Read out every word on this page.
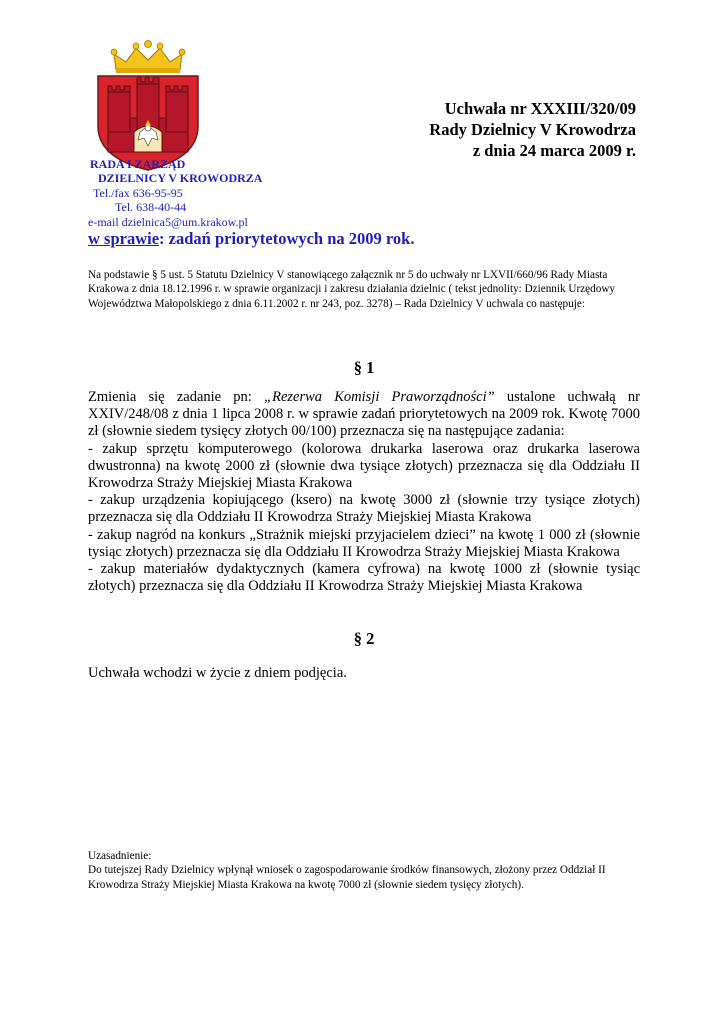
Uchwała nr XXXIII/320/09
Rady Dzielnicy V Krowodrza
z dnia 24 marca 2009 r.
RADA I ZARZĄD
DZIELNICY V KROWODRZA
Tel./fax 636-95-95
Tel. 638-40-44
e-mail dzielnica5@um.krakow.pl
w sprawie: zadań priorytetowych na 2009 rok.
Na podstawie § 5 ust. 5 Statutu Dzielnicy V stanowiącego załącznik nr 5 do uchwały nr LXVII/660/96 Rady Miasta Krakowa z dnia 18.12.1996 r. w sprawie organizacji i zakresu działania dzielnic ( tekst jednolity: Dziennik Urzędowy Województwa Małopolskiego z dnia 6.11.2002 r. nr 243, poz. 3278) – Rada Dzielnicy V uchwala co następuje:
§ 1

Zmienia się zadanie pn: „Rezerwa Komisji Praworządności” ustalone uchwałą nr XXIV/248/08 z dnia 1 lipca 2008 r. w sprawie zadań priorytetowych na 2009 rok. Kwotę 7000 zł (słownie siedem tysięcy złotych 00/100) przeznacza się na następujące zadania:

- zakup sprzętu komputerowego (kolorowa drukarka laserowa oraz drukarka laserowa dwustronna) na kwotę 2000 zł (słownie dwa tysiące złotych) przeznacza się dla Oddziału II Krowodrza Straży Miejskiej Miasta Krakowa

- zakup urządzenia kopiującego (ksero) na kwotę 3000 zł (słownie trzy tysiące złotych) przeznacza się dla Oddziału II Krowodrza Straży Miejskiej Miasta Krakowa

- zakup nagród na konkurs „Strażnik miejski przyjacielem dzieci” na kwotę 1 000 zł (słownie tysiąc złotych) przeznacza się dla Oddziału II Krowodrza Straży Miejskiej Miasta Krakowa

- zakup materiałów dydaktycznych (kamera cyfrowa) na kwotę 1000 zł (słownie tysiąc złotych) przeznacza się dla Oddziału II Krowodrza Straży Miejskiej Miasta Krakowa

§ 2
Uchwała wchodzi w życie z dniem podjęcia.
Uzasadnienie:
Do tutejszej Rady Dzielnicy wpłynął wniosek o zagospodarowanie środków finansowych, złożony przez Oddział II Krowodrza Straży Miejskiej Miasta Krakowa na kwotę 7000 zł (słownie siedem tysięcy złotych).
